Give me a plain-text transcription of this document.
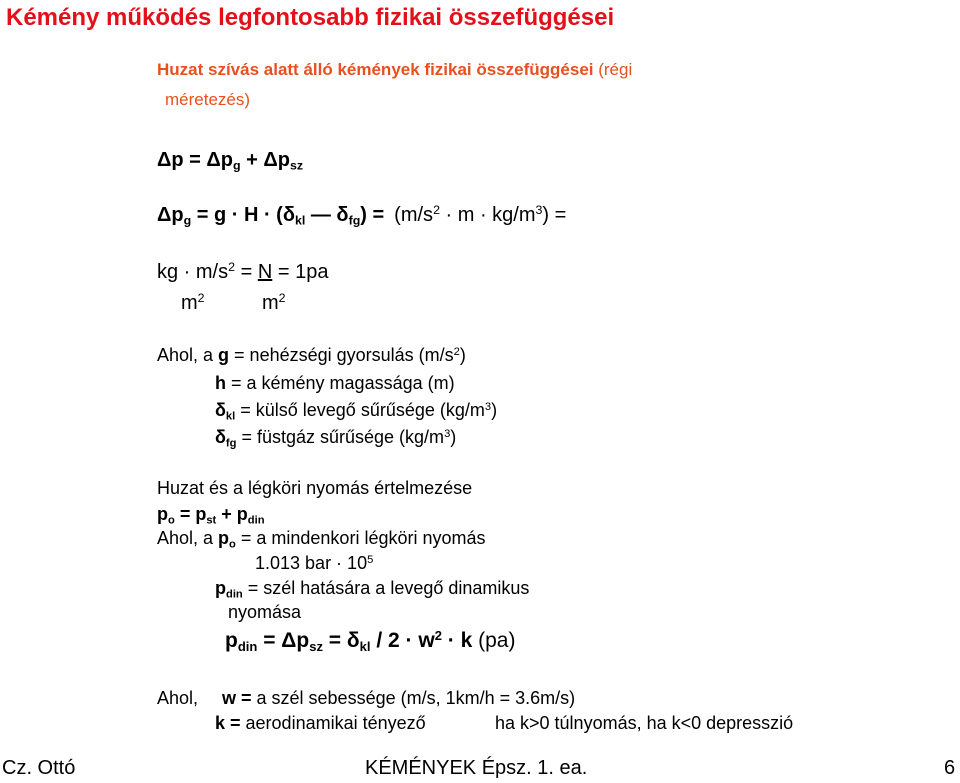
Kémény működés legfontosabb fizikai összefüggései
Huzat szívás alatt álló kémények fizikai összefüggései (régi
méretezés)
$\Delta p = \Delta p_g + \Delta p_{sz}$
$\Delta p_g = g \cdot H \cdot (\delta_{kl}$ — $\delta_{fg}) = (m/s^2 \cdot m \cdot kg/m^3)$ =
kg · $m/s^2 = N = 1pa$
$m^2$	$m^2$
Ahol, a g = nehézségi gyorsulás $(m/s^2)$
h = a kémény magassága (m)
$\delta_{kl}$ = külső levegő sűrűsége $(kg/m^3)$
$\delta_{fg}$ = füstgáz sűrűsége $(kg/m^3)$
Huzat és a légköri nyomás értelmezése
$p_o = p_{st} + p_{din}$
Ahol, a $p_o = a$ mindenkori légköri nyomás
1.013 bar · $10^5$
$p_{din}$ = szél hatására a levegő dinamikus
nyomása
$p_{din} = \Delta p_{sz} = \delta_{kl} / 2 \cdot w^2 \cdot k$ (pa)
Ahol, w = a szél sebessége (m/s, 1km/h = 3.6m/s)
k = aerodinamikai tényező	ha k>0 túlnyomás, ha k<0 depresszió
Cz. Ottó	KÉMÉNYEK Épsz. 1. ea.	6
